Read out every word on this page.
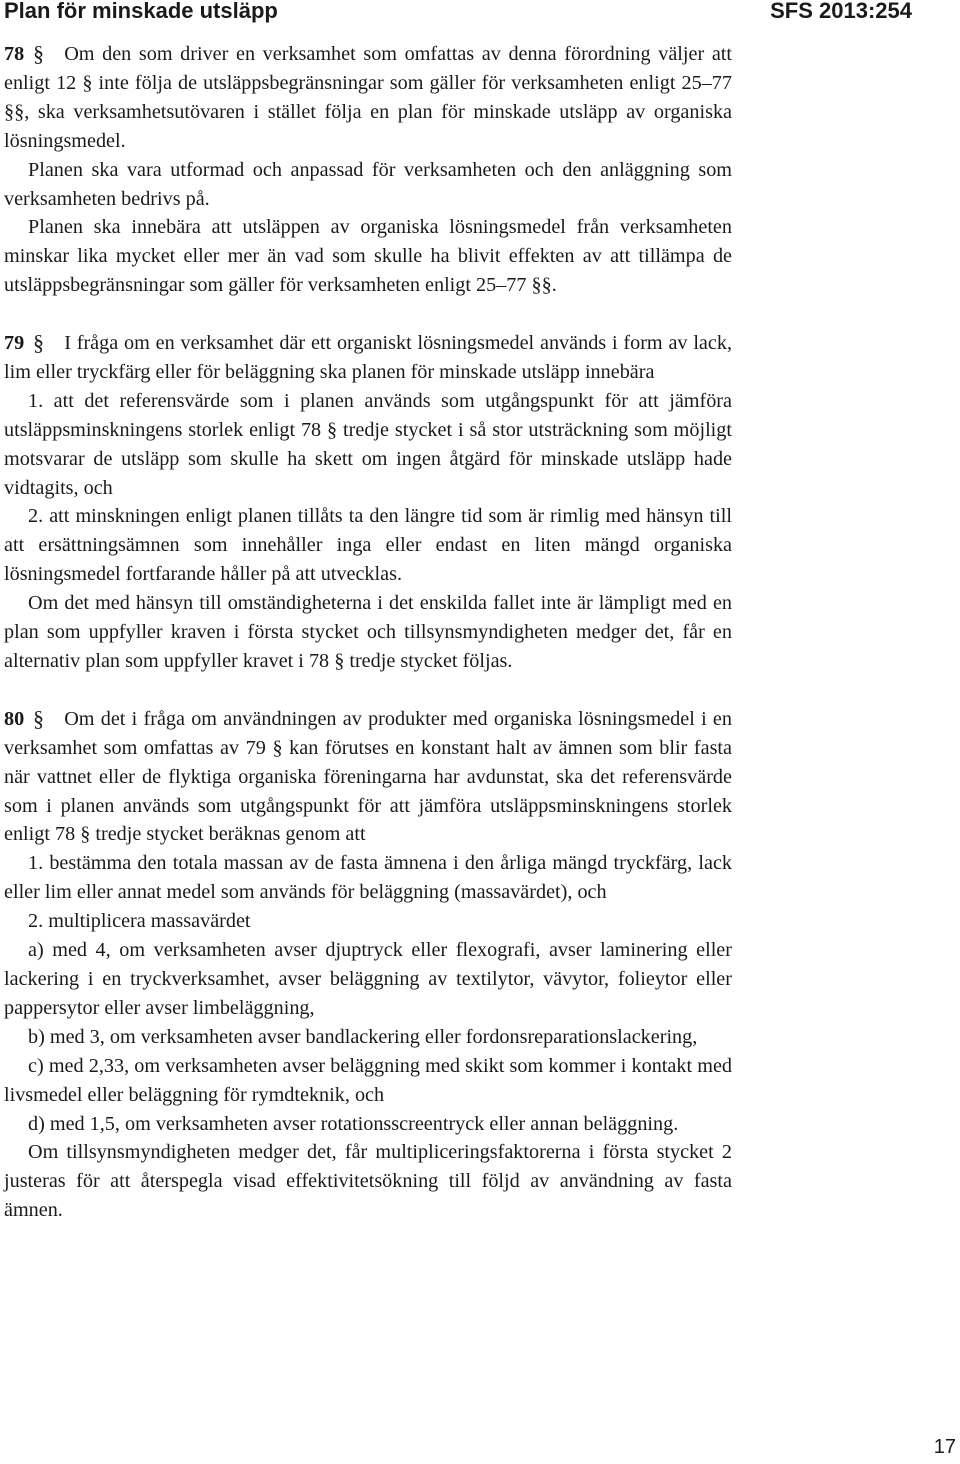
Plan för minskade utsläpp	SFS 2013:254

78 § Om den som driver en verksamhet som omfattas av denna förordning väljer att enligt 12 § inte följa de utsläppsbegränsningar som gäller för verksamheten enligt 25–77 §§, ska verksamhetsutövaren i stället följa en plan för minskade utsläpp av organiska lösningsmedel.

Planen ska vara utformad och anpassad för verksamheten och den anläggning som verksamheten bedrivs på.

Planen ska innebära att utsläppen av organiska lösningsmedel från verksamheten minskar lika mycket eller mer än vad som skulle ha blivit effekten av att tillämpa de utsläppsbegränsningar som gäller för verksamheten enligt 25–77 §§.

79 § I fråga om en verksamhet där ett organiskt lösningsmedel används i form av lack, lim eller tryckfärg eller för beläggning ska planen för minskade utsläpp innebära

1. att det referensvärde som i planen används som utgångspunkt för att jämföra utsläppsminskningens storlek enligt 78 § tredje stycket i så stor utsträckning som möjligt motsvarar de utsläpp som skulle ha skett om ingen åtgärd för minskade utsläpp hade vidtagits, och

2. att minskningen enligt planen tillåts ta den längre tid som är rimlig med hänsyn till att ersättningsämnen som innehåller inga eller endast en liten mängd organiska lösningsmedel fortfarande håller på att utvecklas.

Om det med hänsyn till omständigheterna i det enskilda fallet inte är lämpligt med en plan som uppfyller kraven i första stycket och tillsynsmyndigheten medger det, får en alternativ plan som uppfyller kravet i 78 § tredje stycket följas.

80 § Om det i fråga om användningen av produkter med organiska lösningsmedel i en verksamhet som omfattas av 79 § kan förutses en konstant halt av ämnen som blir fasta när vattnet eller de flyktiga organiska föreningarna har avdunstat, ska det referensvärde som i planen används som utgångspunkt för att jämföra utsläppsminskningens storlek enligt 78 § tredje stycket beräknas genom att

1. bestämma den totala massan av de fasta ämnena i den årliga mängd tryckfärg, lack eller lim eller annat medel som används för beläggning (massavärdet), och

2. multiplicera massavärdet

a) med 4, om verksamheten avser djuptryck eller flexografi, avser laminering eller lackering i en tryckverksamhet, avser beläggning av textilytor, vävytor, folieytor eller pappersytor eller avser limbeläggning,

b) med 3, om verksamheten avser bandlackering eller fordonsreparationslackering,

c) med 2,33, om verksamheten avser beläggning med skikt som kommer i kontakt med livsmedel eller beläggning för rymdteknik, och

d) med 1,5, om verksamheten avser rotationsscreentryck eller annan beläggning.

Om tillsynsmyndigheten medger det, får multipliceringsfaktorerna i första stycket 2 justeras för att återspegla visad effektivitetsökning till följd av användning av fasta ämnen.

17
